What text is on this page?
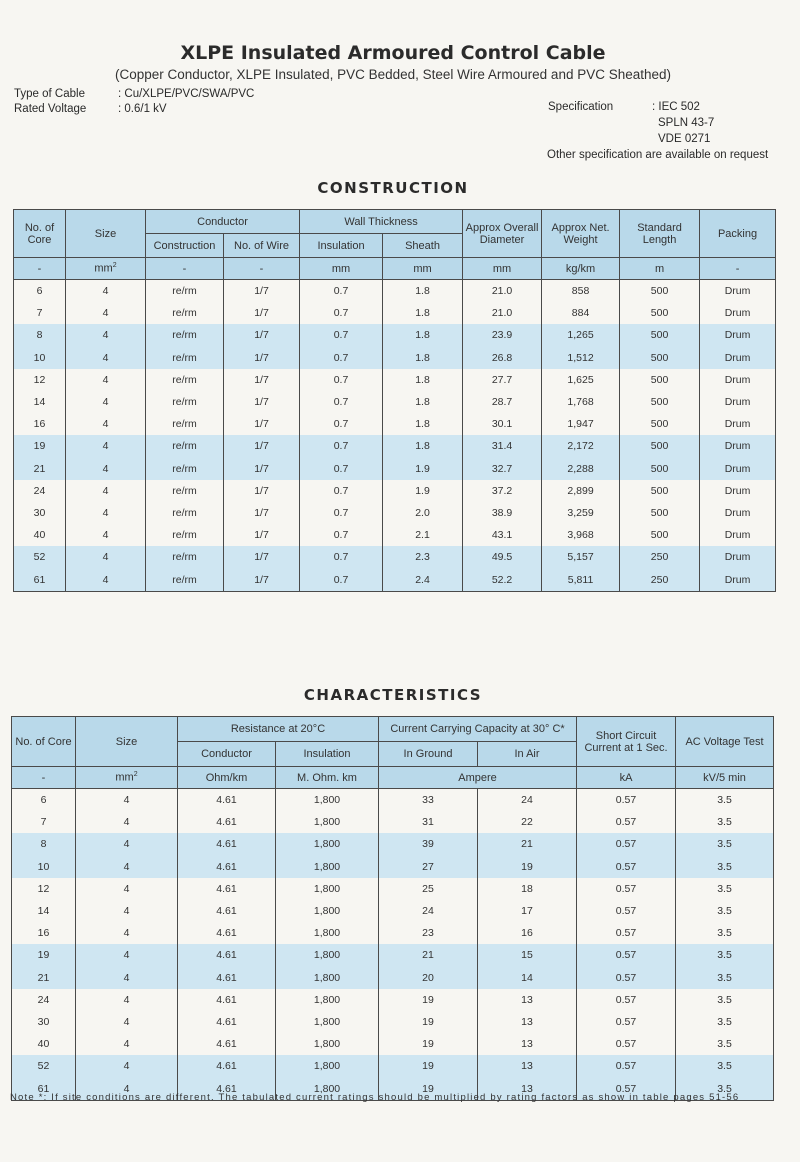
XLPE Insulated Armoured Control Cable
(Copper Conductor, XLPE Insulated, PVC Bedded, Steel Wire Armoured and PVC Sheathed)
Type of Cable	: Cu/XLPE/PVC/SWA/PVC
Rated Voltage	: 0.6/1 kV	Specification	: IEC 502
SPLN 43-7
VDE 0271
Other specification are available on request
CONSTRUCTION
No. of Core	Size	Conductor		Wall Thickness		Approx Overall Diameter	Approx Net. Weight	Standard Length	Packing
		Construction	No. of Wire	Insulation	Sheath				
-	$mm^2$	-	-	mm	mm	mm	kg/km	m	-
6	4	re/rm	1/7	0.7	1.8	21.0	858	500	Drum
7	4	re/rm	1/7	0.7	1.8	21.0	884	500	Drum
8	4	re/rm	1/7	0.7	1.8	23.9	1,265	500	Drum
10	4	re/rm	1/7	0.7	1.8	26.8	1,512	500	Drum
12	4	re/rm	1/7	0.7	1.8	27.7	1,625	500	Drum
14	4	re/rm	1/7	0.7	1.8	28.7	1,768	500	Drum
16	4	re/rm	1/7	0.7	1.8	30.1	1,947	500	Drum
19	4	re/rm	1/7	0.7	1.8	31.4	2,172	500	Drum
21	4	re/rm	1/7	0.7	1.9	32.7	2,288	500	Drum
24	4	re/rm	1/7	0.7	1.9	37.2	2,899	500	Drum
30	4	re/rm	1/7	0.7	2.0	38.9	3,259	500	Drum
40	4	re/rm	1/7	0.7	2.1	43.1	3,968	500	Drum
52	4	re/rm	1/7	0.7	2.3	49.5	5,157	250	Drum
61	4	re/rm	1/7	0.7	2.4	52.2	5,811	250	Drum
CHARACTERISTICS
No. of Core	Size	Resistance at 20°C		Current Carrying Capacity at 30° C*		Short Circuit Current at 1 Sec.	AC Voltage Test
		Conductor	Insulation	In Ground	In Air		
-	$mm^2$	Ohm/km	M. Ohm. km	Ampere		kA	kV/5 min
6	4	4.61	1,800	33	24	0.57	3.5
7	4	4.61	1,800	31	22	0.57	3.5
8	4	4.61	1,800	39	21	0.57	3.5
10	4	4.61	1,800	27	19	0.57	3.5
12	4	4.61	1,800	25	18	0.57	3.5
14	4	4.61	1,800	24	17	0.57	3.5
16	4	4.61	1,800	23	16	0.57	3.5
19	4	4.61	1,800	21	15	0.57	3.5
21	4	4.61	1,800	20	14	0.57	3.5
24	4	4.61	1,800	19	13	0.57	3.5
30	4	4.61	1,800	19	13	0.57	3.5
40	4	4.61	1,800	19	13	0.57	3.5
52	4	4.61	1,800	19	13	0.57	3.5
61	4	4.61	1,800	19	13	0.57	3.5
Note *: If site conditions are different. The tabulated current ratings should be multiplied by rating factors as show in table pages 51-56
